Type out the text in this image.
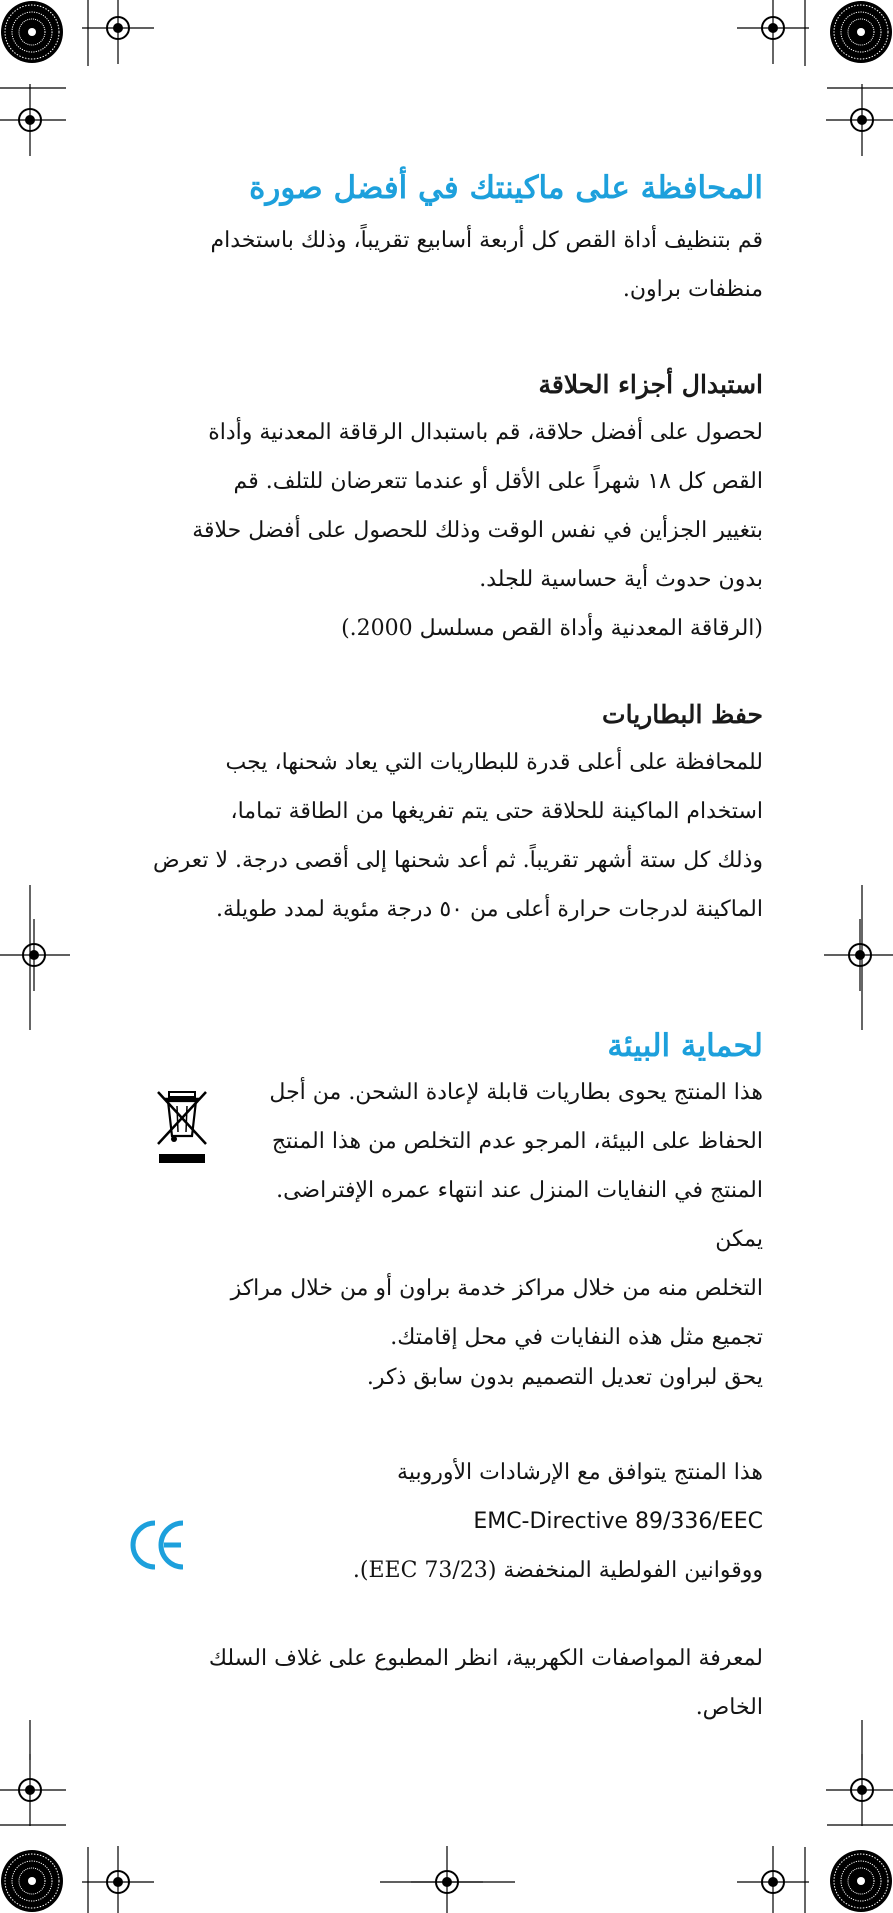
المحافظة على ماكينتك في أفضل صورة

قم بتنظيف أداة القص كل أربعة أسابيع تقريباً، وذلك باستخدام

منظفات براون.

استبدال أجزاء الحلاقة

لحصول على أفضل حلاقة، قم باستبدال الرقاقة المعدنية وأداة

القص كل ١٨ شهراً على الأقل أو عندما تتعرضان للتلف. قم

بتغيير الجزأين في نفس الوقت وذلك للحصول على أفضل حلاقة

بدون حدوث أية حساسية للجلد.

(الرقاقة المعدنية وأداة القص مسلسل 2000.)

حفظ البطاريات

للمحافظة على أعلى قدرة للبطاريات التي يعاد شحنها، يجب

استخدام الماكينة للحلاقة حتى يتم تفريغها من الطاقة تماما،

وذلك كل ستة أشهر تقريباً. ثم أعد شحنها إلى أقصى درجة. لا تعرض

الماكينة لدرجات حرارة أعلى من ٥٠ درجة مئوية لمدد طويلة.

لحماية البيئة

هذا المنتج يحوى بطاريات قابلة لإعادة الشحن. من أجل

الحفاظ على البيئة، المرجو عدم التخلص من هذا المنتج

المنتج في النفايات المنزل عند انتهاء عمره الإفتراضى. يمكن

التخلص منه من خلال مراكز خدمة براون أو من خلال مراكز

تجميع مثل هذه النفايات في محل إقامتك.

يحق لبراون تعديل التصميم بدون سابق ذكر.

هذا المنتج يتوافق مع الإرشادات الأوروبية

EMC-Directive 89/336/EEC

ووقوانين الفولطية المنخفضة (73/23 EEC).

لمعرفة المواصفات الكهربية، انظر المطبوع على غلاف السلك

الخاص.
